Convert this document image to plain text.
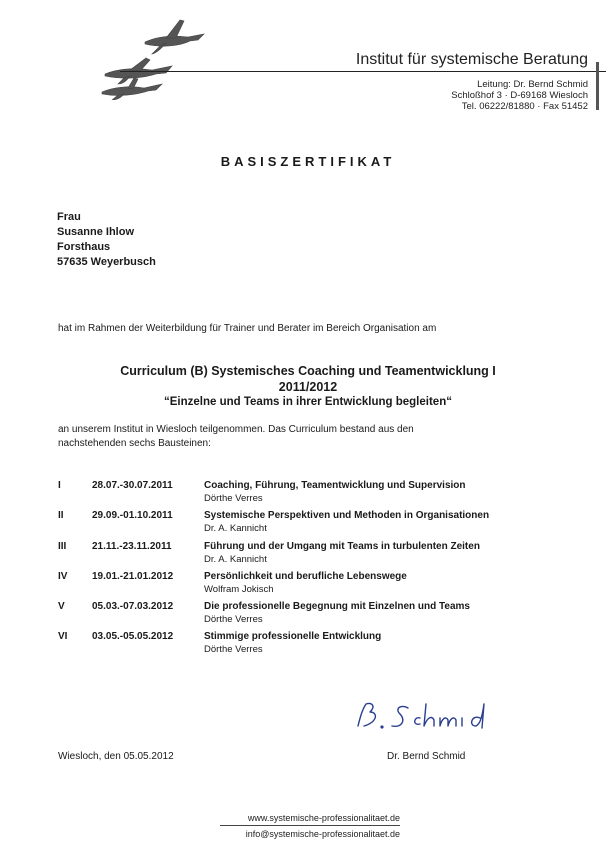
Institut für systemische Beratung
Leitung: Dr. Bernd Schmid
Schloßhof 3 · D-69168 Wiesloch
Tel. 06222/81880 · Fax 51452
BASISZERTIFIKAT
Frau
Susanne Ihlow
Forsthaus
57635 Weyerbusch
hat im Rahmen der Weiterbildung für Trainer und Berater im Bereich Organisation am
Curriculum (B) Systemisches Coaching und Teamentwicklung I
2011/2012
“Einzelne und Teams in ihrer Entwicklung begleiten“
an unserem Institut in Wiesloch teilgenommen. Das Curriculum bestand aus den
nachstehenden sechs Bausteinen:
I	28.07.-30.07.2011	Coaching, Führung, Teamentwicklung und Supervision
Dörthe Verres
II	29.09.-01.10.2011	Systemische Perspektiven und Methoden in Organisationen
Dr. A. Kannicht
III	21.11.-23.11.2011	Führung und der Umgang mit Teams in turbulenten Zeiten
Dr. A. Kannicht
IV 19.01.-21.01.2012	Persönlichkeit und berufliche Lebenswege
Wolfram Jokisch
V	05.03.-07.03.2012	Die professionelle Begegnung mit Einzelnen und Teams
Dörthe Verres
VI 03.05.-05.05.2012	Stimmige professionelle Entwicklung
Dörthe Verres
Wiesloch, den 05.05.2012	Dr. Bernd Schmid
www.systemische-professionalitaet.de
info@systemische-professionalitaet.de
